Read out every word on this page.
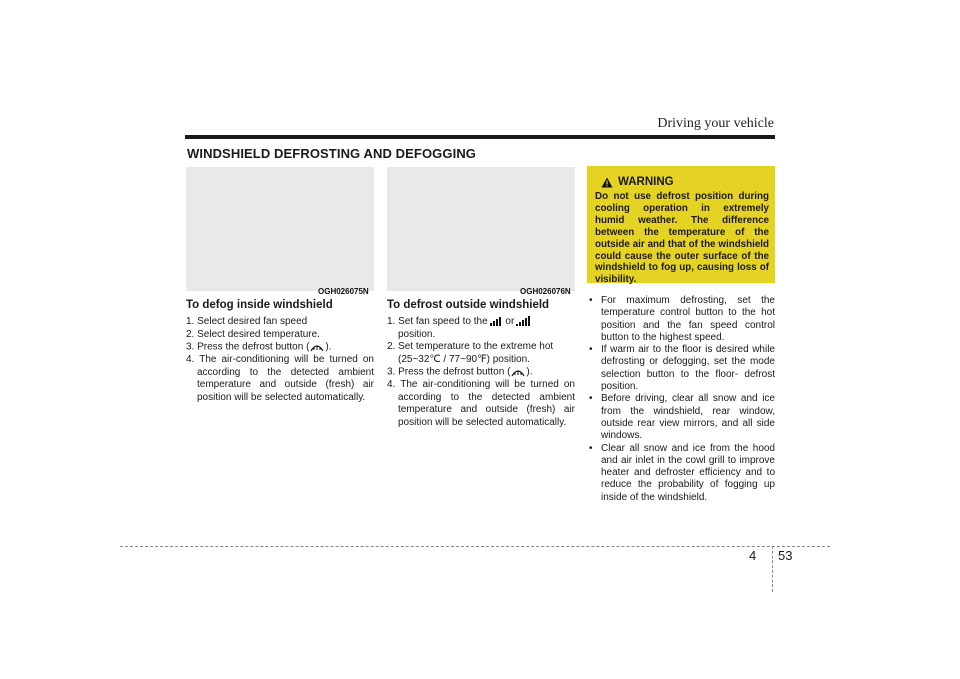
Driving your vehicle
WINDSHIELD DEFROSTING AND DEFOGGING
OGH026075N
To defog inside windshield
1. Select desired fan speed
2. Select desired temperature.
3. Press the defrost button ( ).
4. The air-conditioning will be turned on according to the detected ambient temperature and outside (fresh) air position will be selected automatically.
OGH026076N
To defrost outside windshield
1. Set fan speed to the or

position.
2. Set temperature to the extreme hot (25~32℃ / 77~90℉) position.
3. Press the defrost button ( ).
4. The air-conditioning will be turned on according to the detected ambient temperature and outside (fresh) air position will be selected automatically.
WARNING
Do not use defrost position during cooling operation in extremely humid weather. The difference between the temperature of the outside air and that of the windshield could cause the outer surface of the windshield to fog up, causing loss of visibility.
• For maximum defrosting, set the temperature control button to the hot position and the fan speed control button to the highest speed.
• If warm air to the floor is desired while defrosting or defogging, set the mode selection button to the floor- defrost position.
• Before driving, clear all snow and ice from the windshield, rear window, outside rear view mirrors, and all side windows.
• Clear all snow and ice from the hood and air inlet in the cowl grill to improve heater and defroster efficiency and to reduce the probability of fogging up inside of the windshield.
4 53
